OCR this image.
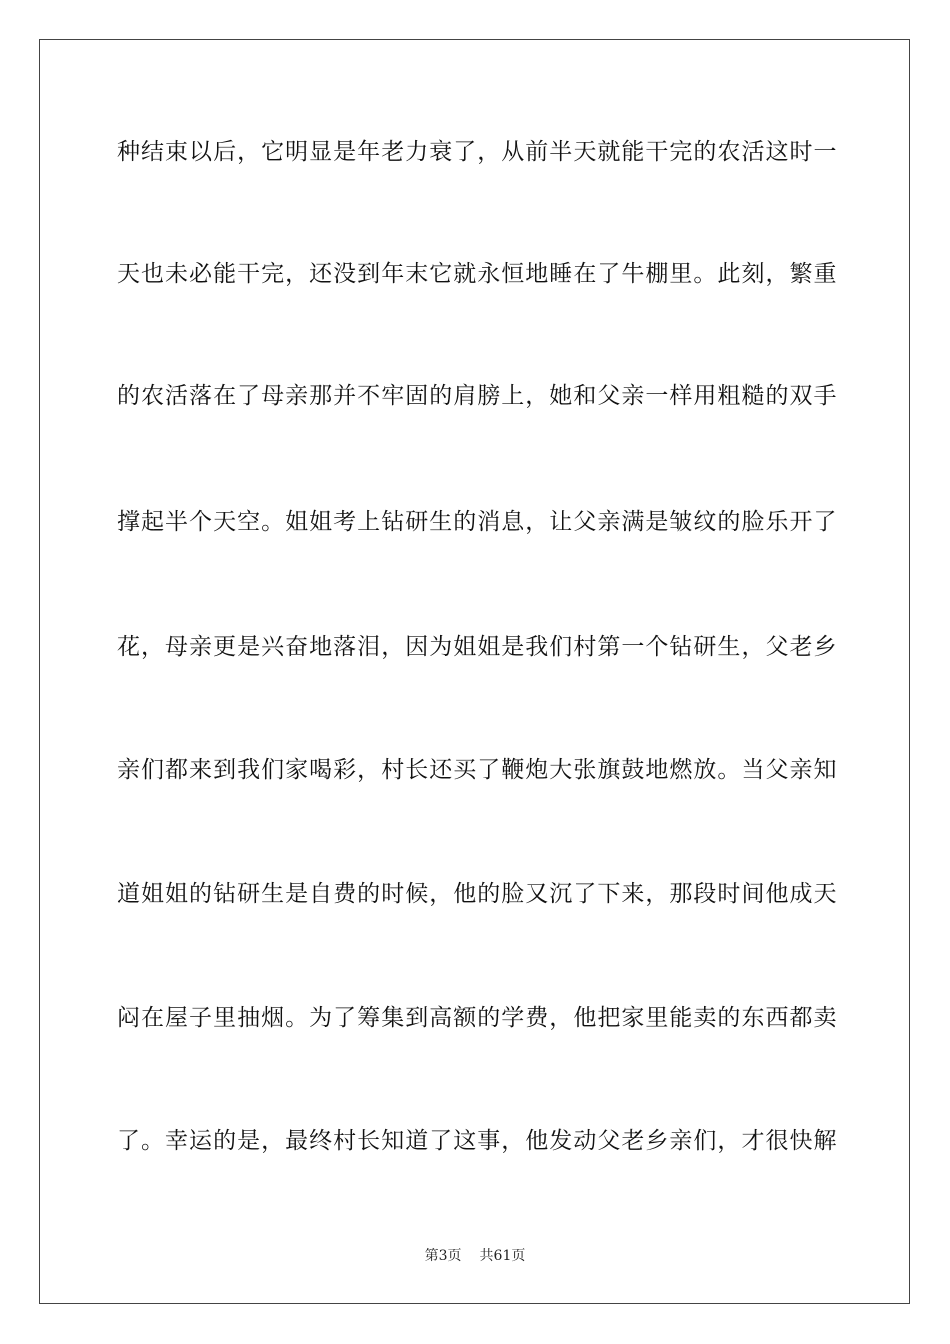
种结束以后，它明显是年老力衰了，从前半天就能干完的农活这时一
天也未必能干完，还没到年末它就永恒地睡在了牛棚里。此刻，繁重
的农活落在了母亲那并不牢固的肩膀上，她和父亲一样用粗糙的双手
撑起半个天空。姐姐考上钻研生的消息，让父亲满是皱纹的脸乐开了
花，母亲更是兴奋地落泪，因为姐姐是我们村第一个钻研生，父老乡
亲们都来到我们家喝彩，村长还买了鞭炮大张旗鼓地燃放。当父亲知
道姐姐的钻研生是自费的时候，他的脸又沉了下来，那段时间他成天
闷在屋子里抽烟。为了筹集到高额的学费，他把家里能卖的东西都卖
了。幸运的是，最终村长知道了这事，他发动父老乡亲们，才很快解
第3页 共61页
